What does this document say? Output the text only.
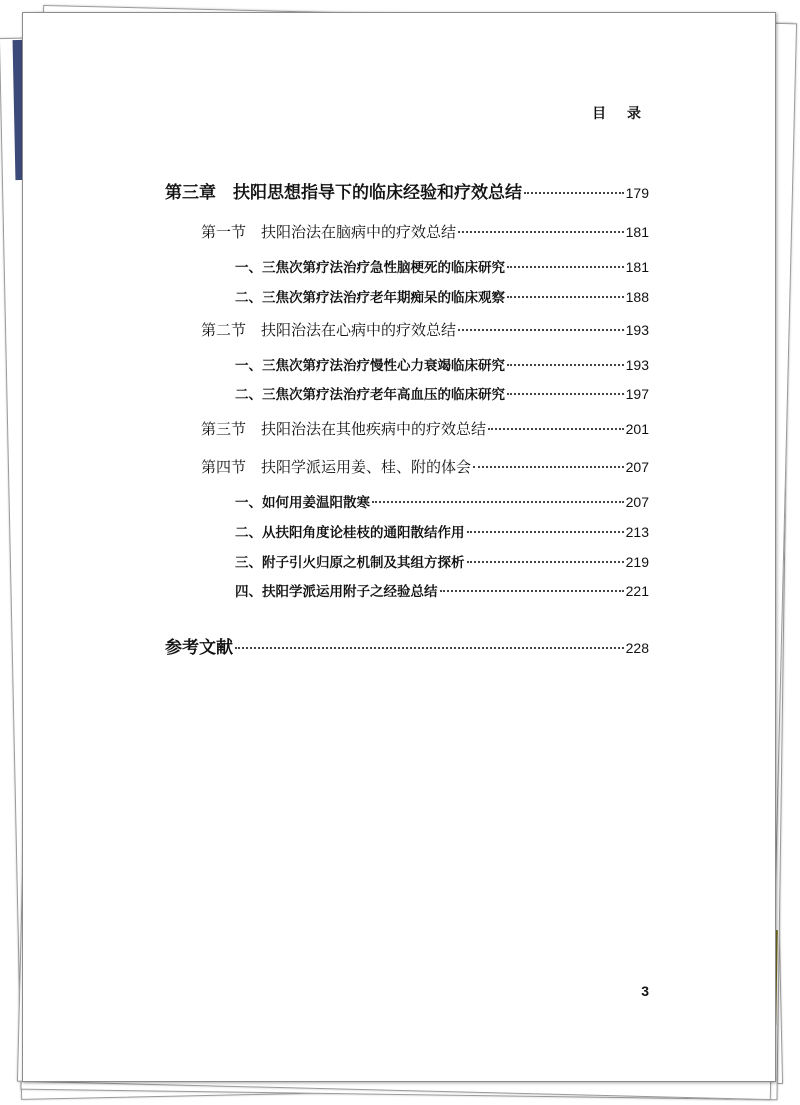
目 录
第三章　扶阳思想指导下的临床经验和疗效总结	179
第一节　扶阳治法在脑病中的疗效总结	181
一、三焦次第疗法治疗急性脑梗死的临床研究	181
二、三焦次第疗法治疗老年期痴呆的临床观察	188
第二节　扶阳治法在心病中的疗效总结	193
一、三焦次第疗法治疗慢性心力衰竭临床研究	193
二、三焦次第疗法治疗老年高血压的临床研究	197
第三节　扶阳治法在其他疾病中的疗效总结	201
第四节　扶阳学派运用姜、桂、附的体会	207
一、如何用姜温阳散寒	207
二、从扶阳角度论桂枝的通阳散结作用	213
三、附子引火归原之机制及其组方探析	219
四、扶阳学派运用附子之经验总结	221
参考文献	228
3
